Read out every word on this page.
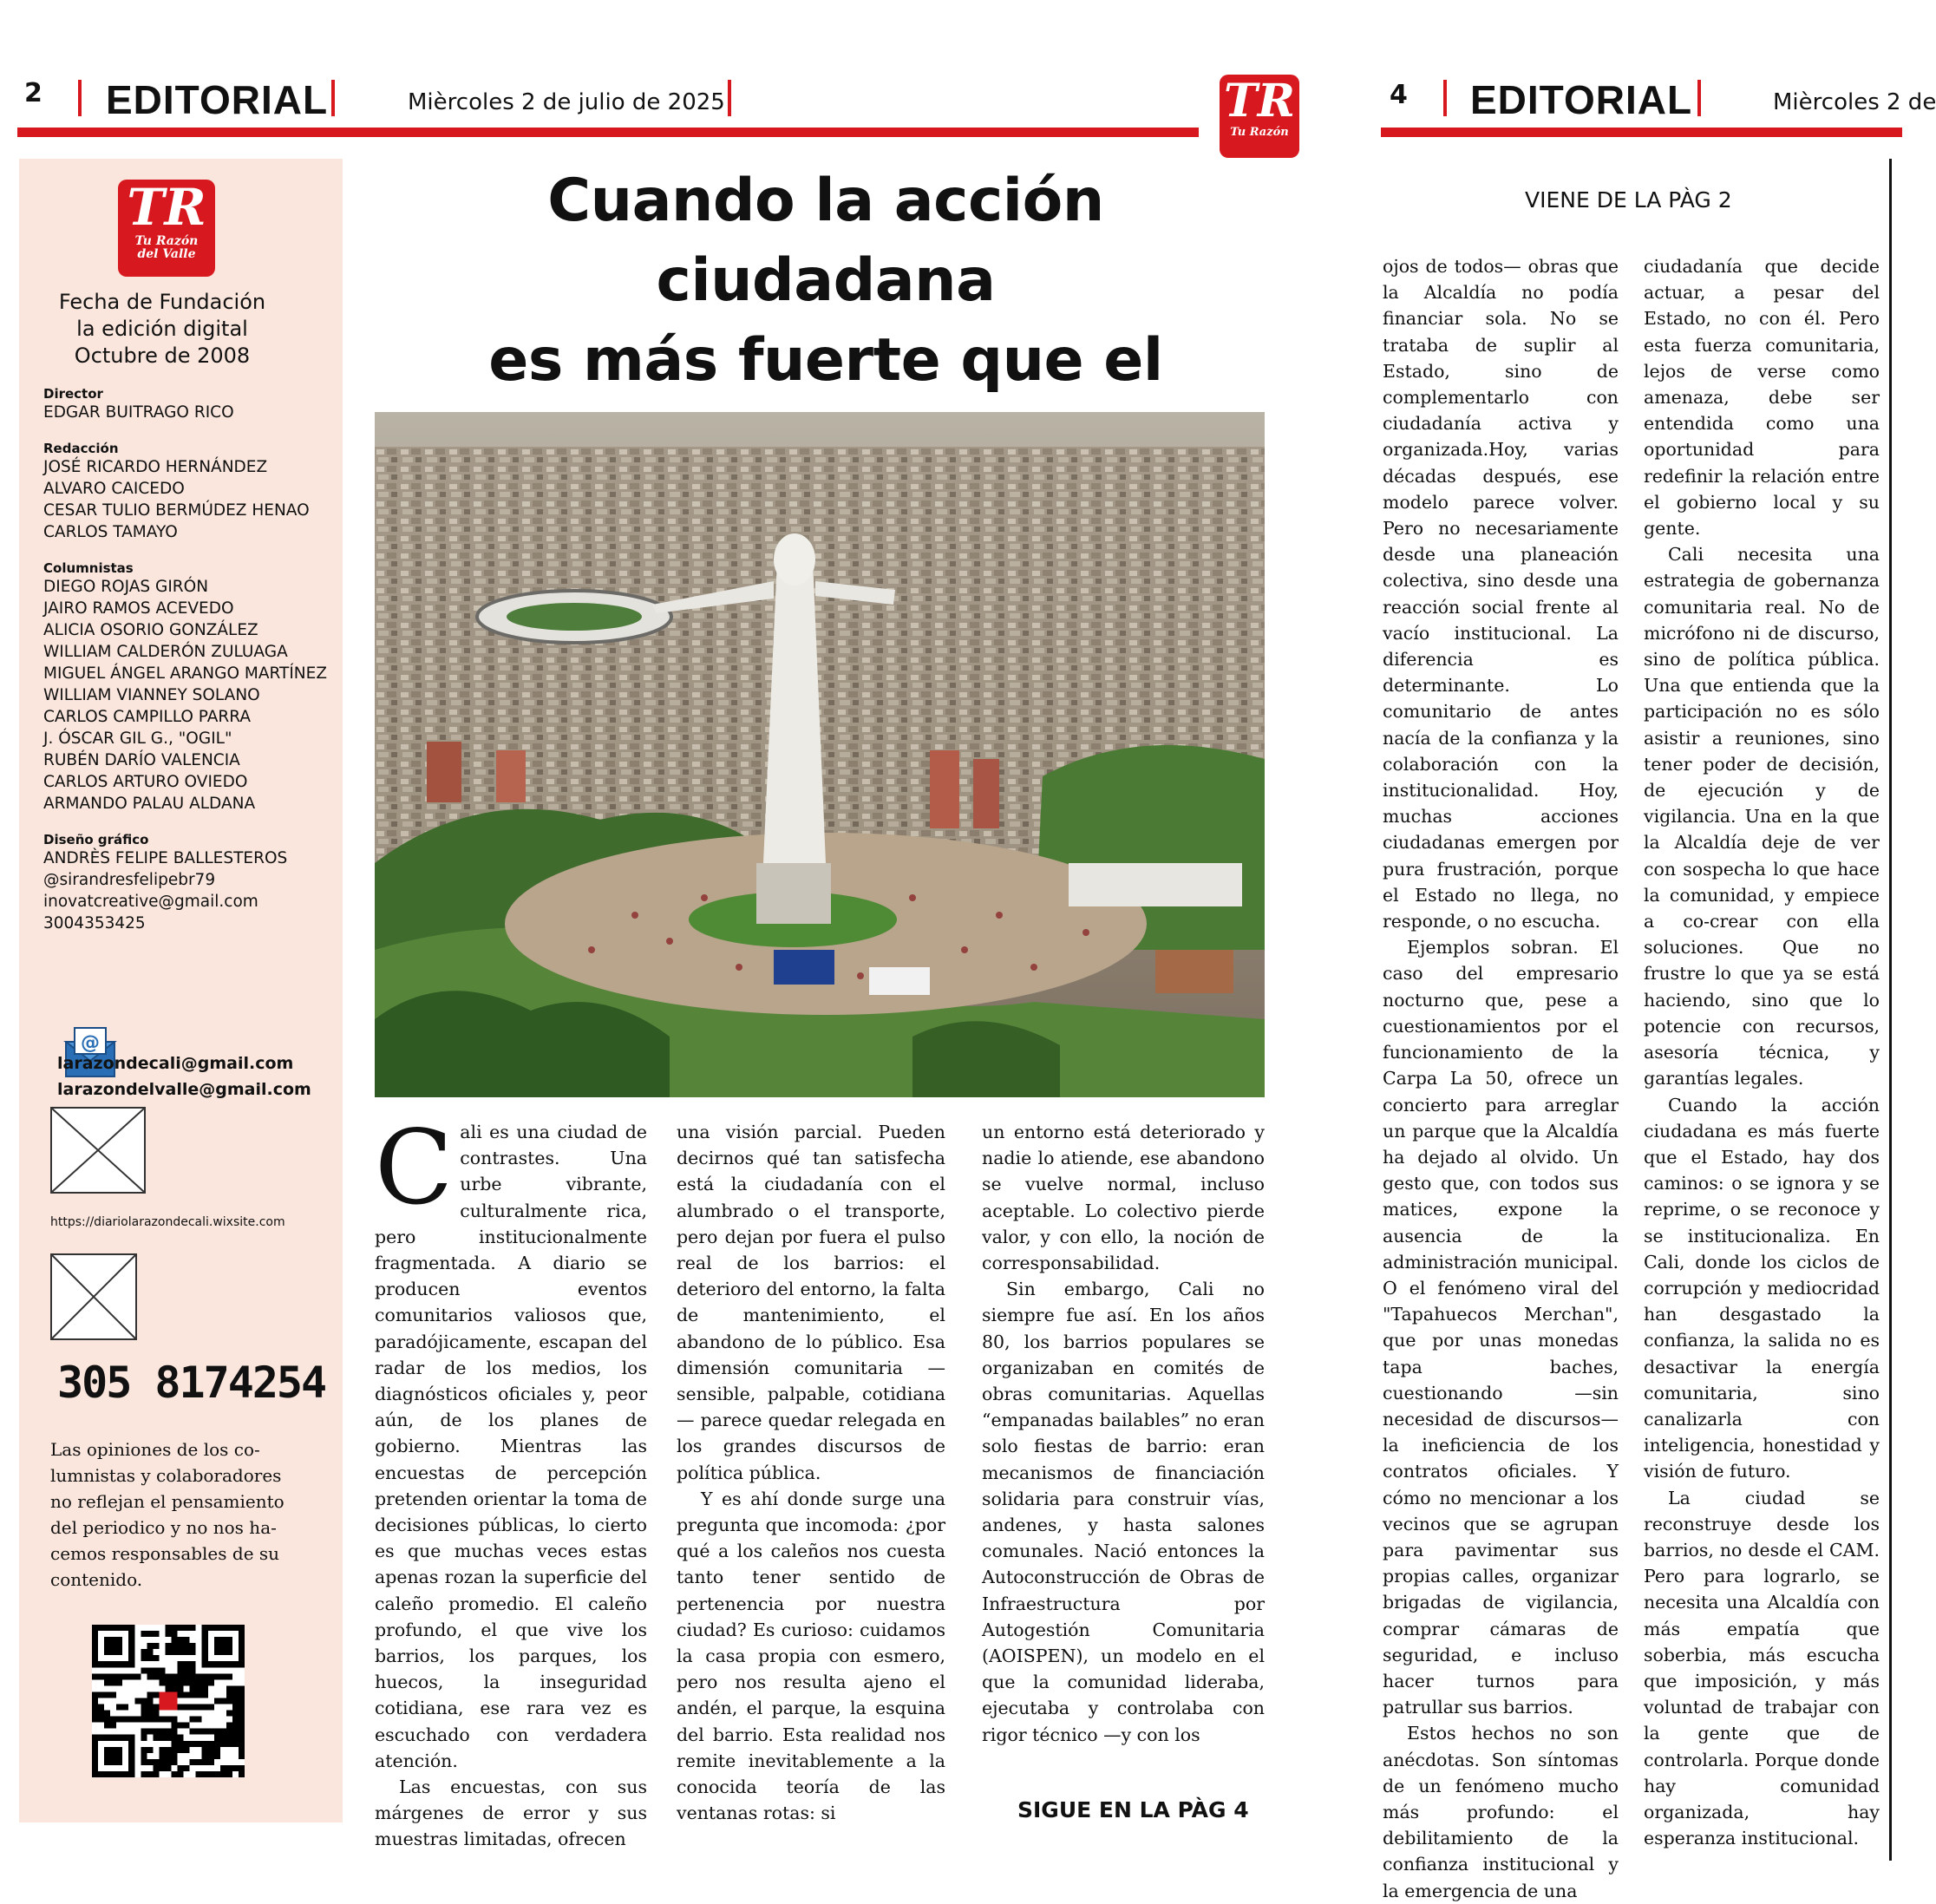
2 EDITORIAL	Mièrcoles 2 de julio de 2025	TR
Tu Razón
4 EDITORIAL	Mièrcoles 2 de
TR
Tu Razón
del Valle
Fecha de Fundación
la edición digital
Octubre de 2008
Director
EDGAR BUITRAGO RICO
Redacción
JOSÉ RICARDO HERNÁNDEZ
ALVARO CAICEDO
CESAR TULIO BERMÚDEZ HENAO
CARLOS TAMAYO
Columnistas
DIEGO ROJAS GIRÓN
JAIRO RAMOS ACEVEDO
ALICIA OSORIO GONZÁLEZ
WILLIAM CALDERÓN ZULUAGA
MIGUEL ÁNGEL ARANGO MARTÍNEZ
WILLIAM VIANNEY SOLANO
CARLOS CAMPILLO PARRA
J. ÓSCAR GIL G., "OGIL"
RUBÉN DARÍO VALENCIA
CARLOS ARTURO OVIEDO
ARMANDO PALAU ALDANA
Diseño gráfico
ANDRÈS FELIPE BALLESTEROS
@sirandresfelipebr79
inovatcreative@gmail.com
3004353425
@
larazondecali@gmail.com
larazondelvalle@gmail.com
https://diariolarazondecali.wixsite.com
305 8174254
Las opiniones de los co-
lumnistas y colaboradores
no reflejan el pensamiento
del periodico y no nos ha-
cemos responsables de su
contenido.
Cuando la acción ciudadana
es más fuerte que el
C ali es una ciudad de contrastes. Una urbe vibrante, culturalmente rica, pero institucionalmente fragmentada. A diario se producen eventos comunitarios valiosos que, paradójicamente, escapan del radar de los medios, los diagnósticos oficiales y, peor aún, de los planes de gobierno. Mientras las encuestas de percepción pretenden orientar la toma de decisiones públicas, lo cierto es que muchas veces estas apenas rozan la superficie del caleño promedio. El caleño profundo, el que vive los barrios, los parques, los huecos, la inseguridad cotidiana, ese rara vez es escuchado con verdadera atención.

Las encuestas, con sus márgenes de error y sus muestras limitadas, ofrecen

una visión parcial. Pueden decirnos qué tan satisfecha está la ciudadanía con el alumbrado o el transporte, pero dejan por fuera el pulso real de los barrios: el deterioro del entorno, la falta de mantenimiento, el abandono de lo público. Esa dimensión comunitaria —sensible, palpable, cotidiana— parece quedar relegada en los grandes discursos de política pública.

Y es ahí donde surge una pregunta que incomoda: ¿por qué a los caleños nos cuesta tanto tener sentido de pertenencia por nuestra ciudad? Es curioso: cuidamos la casa propia con esmero, pero nos resulta ajeno el andén, el parque, la esquina del barrio. Esta realidad nos remite inevitablemente a la conocida teoría de las ventanas rotas: si

un entorno está deteriorado y nadie lo atiende, ese abandono se vuelve normal, incluso aceptable. Lo colectivo pierde valor, y con ello, la noción de corresponsabilidad.

Sin embargo, Cali no siempre fue así. En los años 80, los barrios populares se organizaban en comités de obras comunitarias. Aquellas “empanadas bailables” no eran solo fiestas de barrio: eran mecanismos de financiación solidaria para construir vías, andenes, y hasta salones comunales. Nació entonces la Autoconstrucción de Obras de Infraestructura por Autogestión Comunitaria (AOISPEN), un modelo en el que la comunidad lideraba, ejecutaba y controlaba con rigor técnico —y con los

SIGUE EN LA PÀG 4
VIENE DE LA PÀG 2

ojos de todos— obras que la Alcaldía no podía financiar sola. No se trataba de suplir al Estado, sino de complementarlo con ciudadanía activa y organizada.Hoy, varias décadas después, ese modelo parece volver. Pero no necesariamente desde una planeación colectiva, sino desde una reacción social frente al vacío institucional. La diferencia es determinante. Lo comunitario de antes nacía de la confianza y la colaboración con la institucionalidad. Hoy, muchas acciones ciudadanas emergen por pura frustración, porque el Estado no llega, no responde, o no escucha.

Ejemplos sobran. El caso del empresario nocturno que, pese a cuestionamientos por el funcionamiento de la Carpa La 50, ofrece un concierto para arreglar un parque que la Alcaldía ha dejado al olvido. Un gesto que, con todos sus matices, expone la ausencia de la administración municipal. O el fenómeno viral del "Tapahuecos Merchan", que por unas monedas tapa baches, cuestionando —sin necesidad de discursos— la ineficiencia de los contratos oficiales. Y cómo no mencionar a los vecinos que se agrupan para pavimentar sus propias calles, organizar brigadas de vigilancia, comprar cámaras de seguridad, e incluso hacer turnos para patrullar sus barrios.

Estos hechos no son anécdotas. Son síntomas de un fenómeno mucho más profundo: el debilitamiento de la confianza institucional y la emergencia de una

ciudadanía que decide actuar, a pesar del Estado, no con él. Pero esta fuerza comunitaria, lejos de verse como amenaza, debe ser entendida como una oportunidad para redefinir la relación entre el gobierno local y su gente.

Cali necesita una estrategia de gobernanza comunitaria real. No de micrófono ni de discurso, sino de política pública. Una que entienda que la participación no es sólo asistir a reuniones, sino tener poder de decisión, de ejecución y de vigilancia. Una en la que la Alcaldía deje de ver con sospecha lo que hace la comunidad, y empiece a co-crear con ella soluciones. Que no frustre lo que ya se está haciendo, sino que lo potencie con recursos, asesoría técnica, y garantías legales.

Cuando la acción ciudadana es más fuerte que el Estado, hay dos caminos: o se ignora y se reprime, o se reconoce y se institucionaliza. En Cali, donde los ciclos de corrupción y mediocridad han desgastado la confianza, la salida no es desactivar la energía comunitaria, sino canalizarla con inteligencia, honestidad y visión de futuro.

La ciudad se reconstruye desde los barrios, no desde el CAM. Pero para lograrlo, se necesita una Alcaldía con más empatía que soberbia, más escucha que imposición, y más voluntad de trabajar con la gente que de controlarla. Porque donde hay comunidad organizada, hay esperanza institucional.
